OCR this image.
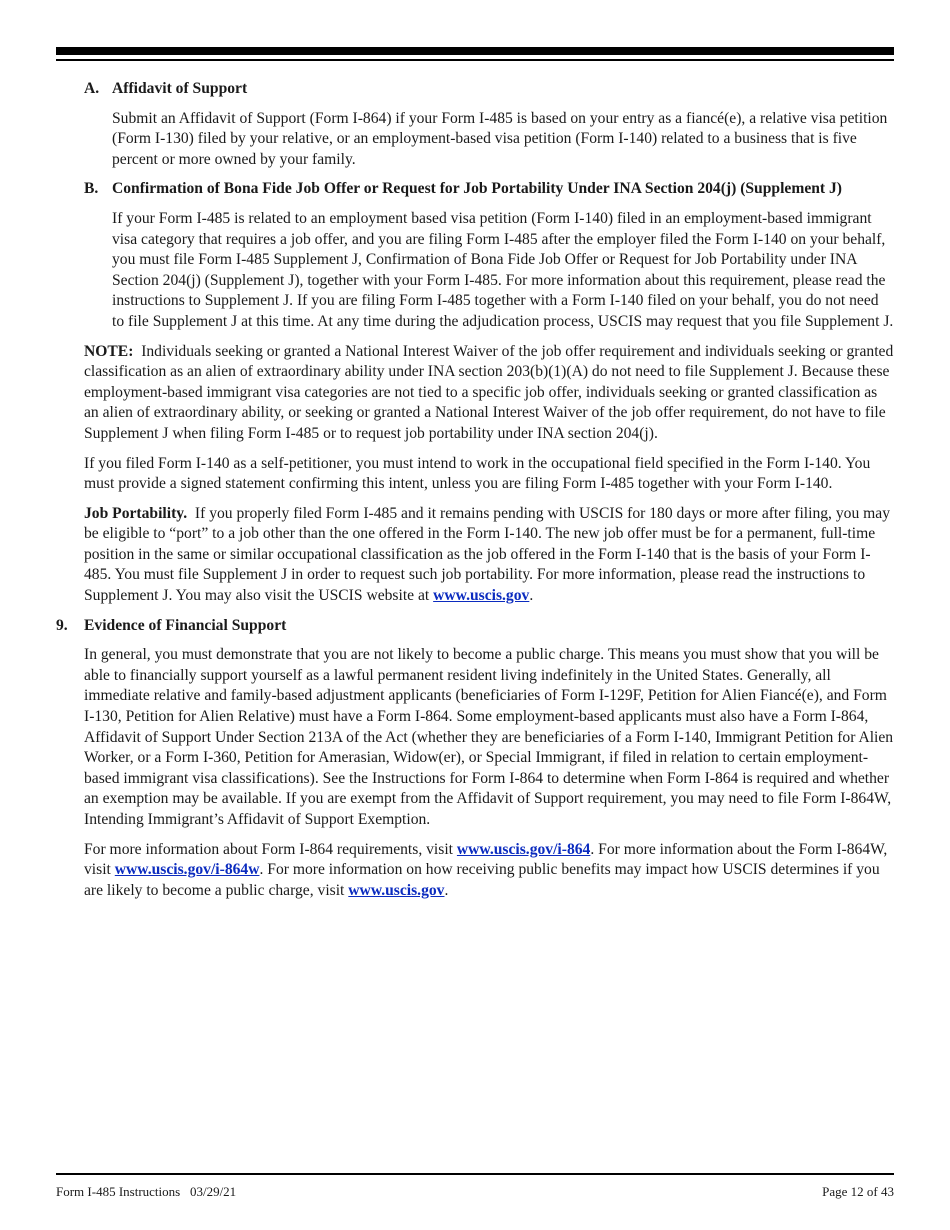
A. Affidavit of Support

Submit an Affidavit of Support (Form I-864) if your Form I-485 is based on your entry as a fiancé(e), a relative visa petition (Form I-130) filed by your relative, or an employment-based visa petition (Form I-140) related to a business that is five percent or more owned by your family.

B. Confirmation of Bona Fide Job Offer or Request for Job Portability Under INA Section 204(j) (Supplement J)

If your Form I-485 is related to an employment based visa petition (Form I-140) filed in an employment-based immigrant visa category that requires a job offer, and you are filing Form I-485 after the employer filed the Form I-140 on your behalf, you must file Form I-485 Supplement J, Confirmation of Bona Fide Job Offer or Request for Job Portability under INA Section 204(j) (Supplement J), together with your Form I-485. For more information about this requirement, please read the instructions to Supplement J. If you are filing Form I-485 together with a Form I-140 filed on your behalf, you do not need to file Supplement J at this time. At any time during the adjudication process, USCIS may request that you file Supplement J.

NOTE: Individuals seeking or granted a National Interest Waiver of the job offer requirement and individuals seeking or granted classification as an alien of extraordinary ability under INA section 203(b)(1)(A) do not need to file Supplement J. Because these employment-based immigrant visa categories are not tied to a specific job offer, individuals seeking or granted classification as an alien of extraordinary ability, or seeking or granted a National Interest Waiver of the job offer requirement, do not have to file Supplement J when filing Form I-485 or to request job portability under INA section 204(j).

If you filed Form I-140 as a self-petitioner, you must intend to work in the occupational field specified in the Form I-140. You must provide a signed statement confirming this intent, unless you are filing Form I-485 together with your Form I-140.

Job Portability. If you properly filed Form I-485 and it remains pending with USCIS for 180 days or more after filing, you may be eligible to “port” to a job other than the one offered in the Form I-140. The new job offer must be for a permanent, full-time position in the same or similar occupational classification as the job offered in the Form I-140 that is the basis of your Form I-485. You must file Supplement J in order to request such job portability. For more information, please read the instructions to Supplement J. You may also visit the USCIS website at www.uscis.gov.

9. Evidence of Financial Support

In general, you must demonstrate that you are not likely to become a public charge. This means you must show that you will be able to financially support yourself as a lawful permanent resident living indefinitely in the United States. Generally, all immediate relative and family-based adjustment applicants (beneficiaries of Form I-129F, Petition for Alien Fiancé(e), and Form I-130, Petition for Alien Relative) must have a Form I-864. Some employment-based applicants must also have a Form I-864, Affidavit of Support Under Section 213A of the Act (whether they are beneficiaries of a Form I-140, Immigrant Petition for Alien Worker, or a Form I-360, Petition for Amerasian, Widow(er), or Special Immigrant, if filed in relation to certain employment-based immigrant visa classifications). See the Instructions for Form I-864 to determine when Form I-864 is required and whether an exemption may be available. If you are exempt from the Affidavit of Support requirement, you may need to file Form I-864W, Intending Immigrant’s Affidavit of Support Exemption.

For more information about Form I-864 requirements, visit www.uscis.gov/i-864. For more information about the Form I-864W, visit www.uscis.gov/i-864w. For more information on how receiving public benefits may impact how USCIS determines if you are likely to become a public charge, visit www.uscis.gov.

Form I-485 Instructions   03/29/21	Page 12 of 43
